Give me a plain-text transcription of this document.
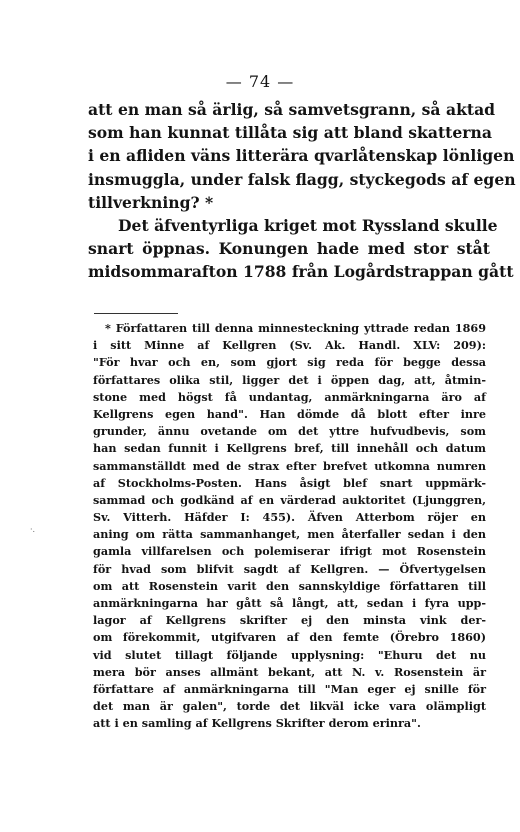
— 74 —
att en man så ärlig, så samvetsgrann, så aktad
som han kunnat tillåta sig att bland skatterna
i en afliden väns litterära qvarlåtenskap lönligen
insmuggla, under falsk flagg, styckegods af egen
tillverkning? *
Det äfventyrliga kriget mot Ryssland skulle
snart öppnas. Konungen hade med stor ståt
midsommarafton 1788 från Logårdstrappan gått
* Författaren till denna minnesteckning yttrade redan 1869
i sitt Minne af Kellgren (Sv. Ak. Handl. XLV: 209):
"För hvar och en, som gjort sig reda för begge dessa
författares olika stil, ligger det i öppen dag, att, åtmin-
stone med högst få undantag, anmärkningarna äro af
Kellgrens egen hand". Han dömde då blott efter inre
grunder, ännu ovetande om det yttre hufvudbevis, som
han sedan funnit i Kellgrens bref, till innehåll och datum
sammanställdt med de strax efter brefvet utkomna numren
af Stockholms-Posten. Hans åsigt blef snart uppmärk-
sammad och godkänd af en värderad auktoritet (Ljunggren,
Sv. Vitterh. Häfder I: 455). Äfven Atterbom röjer en
aning om rätta sammanhanget, men återfaller sedan i den
gamla villfarelsen och polemiserar ifrigt mot Rosenstein
för hvad som blifvit sagdt af Kellgren. — Öfvertygelsen
om att Rosenstein varit den sannskyldige författaren till
anmärkningarna har gått så långt, att, sedan i fyra upp-
lagor af Kellgrens skrifter ej den minsta vink der-
om förekommit, utgifvaren af den femte (Örebro 1860)
vid slutet tillagt följande upplysning: "Ehuru det nu
mera bör anses allmänt bekant, att N. v. Rosenstein är
författare af anmärkningarna till "Man eger ej snille för
det man är galen", torde det likväl icke vara olämpligt
att i en samling af Kellgrens Skrifter derom erinra".
·.
